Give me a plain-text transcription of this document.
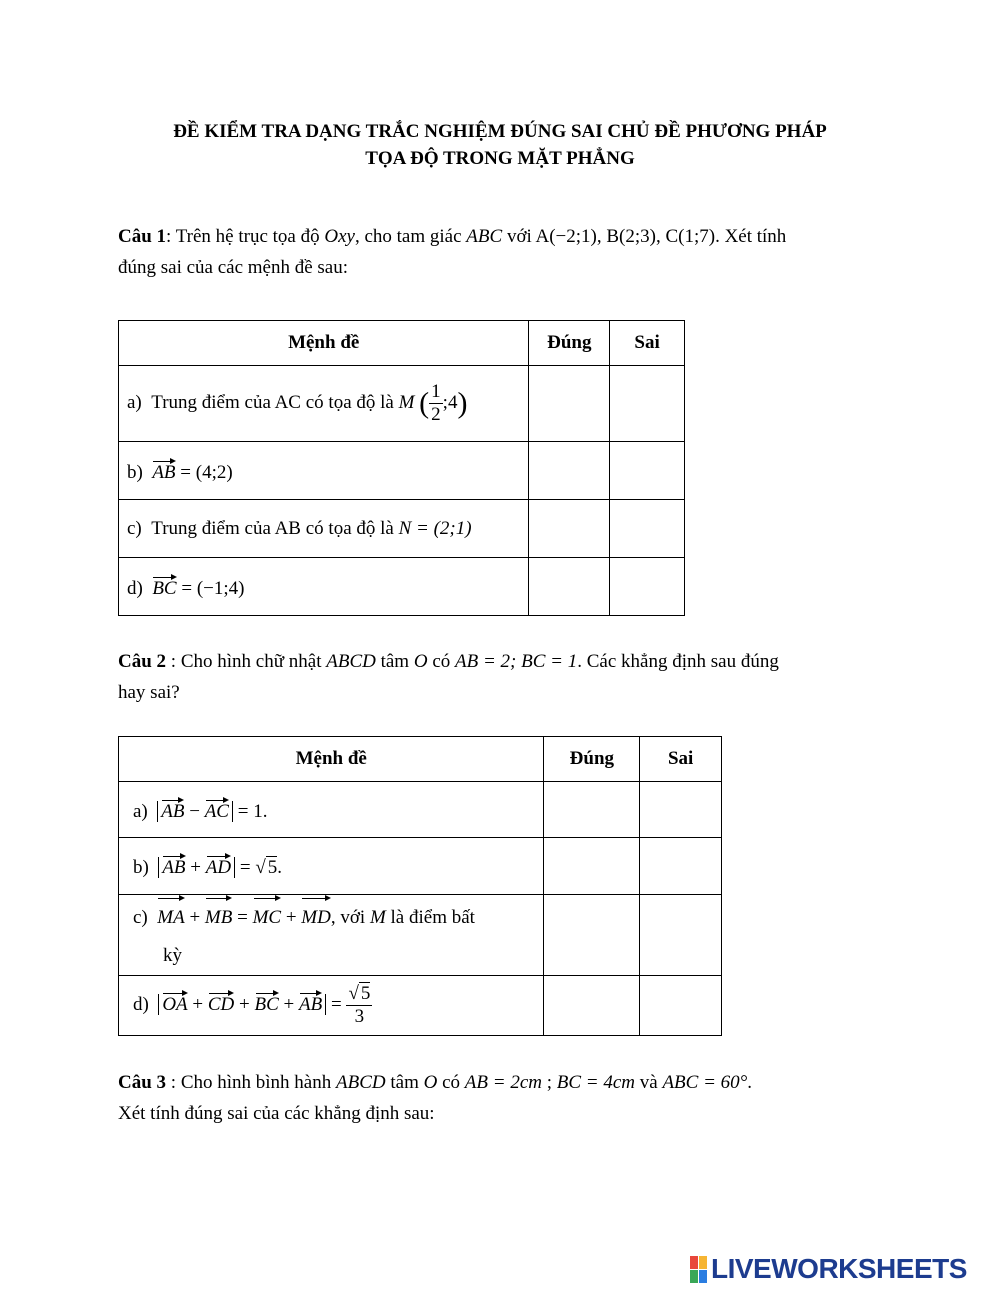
ĐỀ KIỂM TRA DẠNG TRẮC NGHIỆM ĐÚNG SAI CHỦ ĐỀ PHƯƠNG PHÁP
TỌA ĐỘ TRONG MẶT PHẲNG
Câu 1: Trên hệ trục tọa độ Oxy, cho tam giác ABC với A(−2;1), B(2;3), C(1;7). Xét tính
đúng sai của các mệnh đề sau:
Mệnh đề	Đúng	Sai
a) Trung điểm của AC có tọa độ là M ( $\frac{1}{2}$ ;4)		
b) AB = (4;2)		
c) Trung điểm của AB có tọa độ là N = (2;1)		
d) BC = (−1;4)		
Câu 2 : Cho hình chữ nhật ABCD tâm O có AB = 2; BC = 1. Các khẳng định sau đúng
hay sai?
Mệnh đề	Đúng	Sai
a) AB − AC = 1.		
b) AB + AD = √ 5.		
c) MA + MB = MC + MD, với M là điểm bất
kỳ		
d) OA + CD + BC + AB = $\frac{√ 5}{3}$

Câu 3 : Cho hình bình hành ABCD tâm O có AB = 2cm ; BC = 4cm và ABC = 60°.
Xét tính đúng sai của các khẳng định sau:
LIVEWORKSHEETS
